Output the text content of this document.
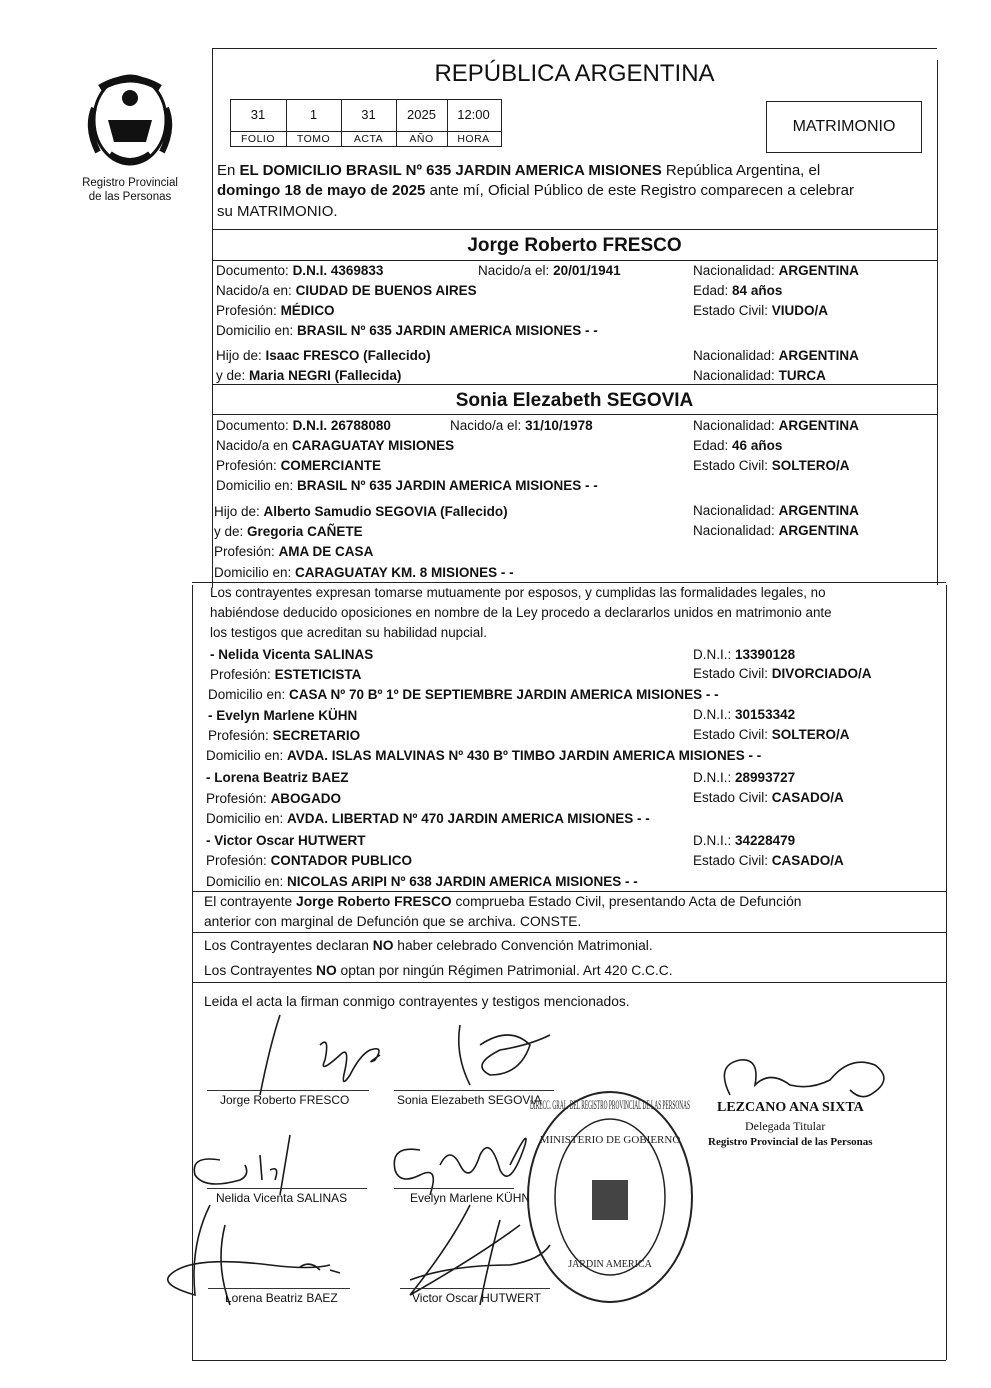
Registro Provincial
de las Personas
REPÚBLICA ARGENTINA
31	1	31	2025	12:00
FOLIO	TOMO	ACTA	AÑO	HORA
MATRIMONIO
En EL DOMICILIO BRASIL Nº 635 JARDIN AMERICA MISIONES República Argentina, el
domingo 18 de mayo de 2025 ante mí, Oficial Público de este Registro comparecen a celebrar
su MATRIMONIO.
Jorge Roberto FRESCO
Documento: D.N.I. 4369833	Nacido/a el: 20/01/1941	Nacionalidad: ARGENTINA
Nacido/a en: CIUDAD DE BUENOS AIRES	Edad: 84 años
Profesión: MÉDICO	Estado Civil: VIUDO/A
Domicilio en: BRASIL Nº 635 JARDIN AMERICA MISIONES - -
Hijo de: Isaac FRESCO (Fallecido)	Nacionalidad: ARGENTINA
y de: Maria NEGRI (Fallecida)	Nacionalidad: TURCA
Sonia Elezabeth SEGOVIA
Documento: D.N.I. 26788080	Nacido/a el: 31/10/1978	Nacionalidad: ARGENTINA
Nacido/a en CARAGUATAY MISIONES	Edad: 46 años
Profesión: COMERCIANTE	Estado Civil: SOLTERO/A
Domicilio en: BRASIL Nº 635 JARDIN AMERICA MISIONES - -
Hijo de: Alberto Samudio SEGOVIA (Fallecido)	Nacionalidad: ARGENTINA
y de: Gregoria CAÑETE	Nacionalidad: ARGENTINA
Profesión: AMA DE CASA
Domicilio en: CARAGUATAY KM. 8 MISIONES - -
Los contrayentes expresan tomarse mutuamente por esposos, y cumplidas las formalidades legales, no
habiéndose deducido oposiciones en nombre de la Ley procedo a declararlos unidos en matrimonio ante
los testigos que acreditan su habilidad nupcial.
- Nelida Vicenta SALINAS	D.N.I.: 13390128
Profesión: ESTETICISTA	Estado Civil: DIVORCIADO/A
Domicilio en: CASA Nº 70 Bº 1º DE SEPTIEMBRE JARDIN AMERICA MISIONES - -
- Evelyn Marlene KÜHN	D.N.I.: 30153342
Profesión: SECRETARIO	Estado Civil: SOLTERO/A
Domicilio en: AVDA. ISLAS MALVINAS Nº 430 Bº TIMBO JARDIN AMERICA MISIONES - -
- Lorena Beatriz BAEZ	D.N.I.: 28993727
Profesión: ABOGADO	Estado Civil: CASADO/A
Domicilio en: AVDA. LIBERTAD Nº 470 JARDIN AMERICA MISIONES - -
- Victor Oscar HUTWERT	D.N.I.: 34228479
Profesión: CONTADOR PUBLICO	Estado Civil: CASADO/A
Domicilio en: NICOLAS ARIPI Nº 638 JARDIN AMERICA MISIONES - -
El contrayente Jorge Roberto FRESCO comprueba Estado Civil, presentando Acta de Defunción
anterior con marginal de Defunción que se archiva. CONSTE.
Los Contrayentes declaran NO haber celebrado Convención Matrimonial.
Los Contrayentes NO optan por ningún Régimen Patrimonial. Art 420 C.C.C.
Leida el acta la firman conmigo contrayentes y testigos mencionados.
Jorge Roberto FRESCO	Sonia Elezabeth SEGOVIA
Nelida Vicenta SALINAS	Evelyn Marlene KÜHN
Lorena Beatriz BAEZ	Victor Oscar HUTWERT
DIRECC. GRAL. DEL REGISTRO PROVINCIAL DE LAS PERSONAS
MINISTERIO DE GOBIERNO
JARDIN AMERICA
LEZCANO ANA SIXTA
Delegada Titular
Registro Provincial de las Personas
